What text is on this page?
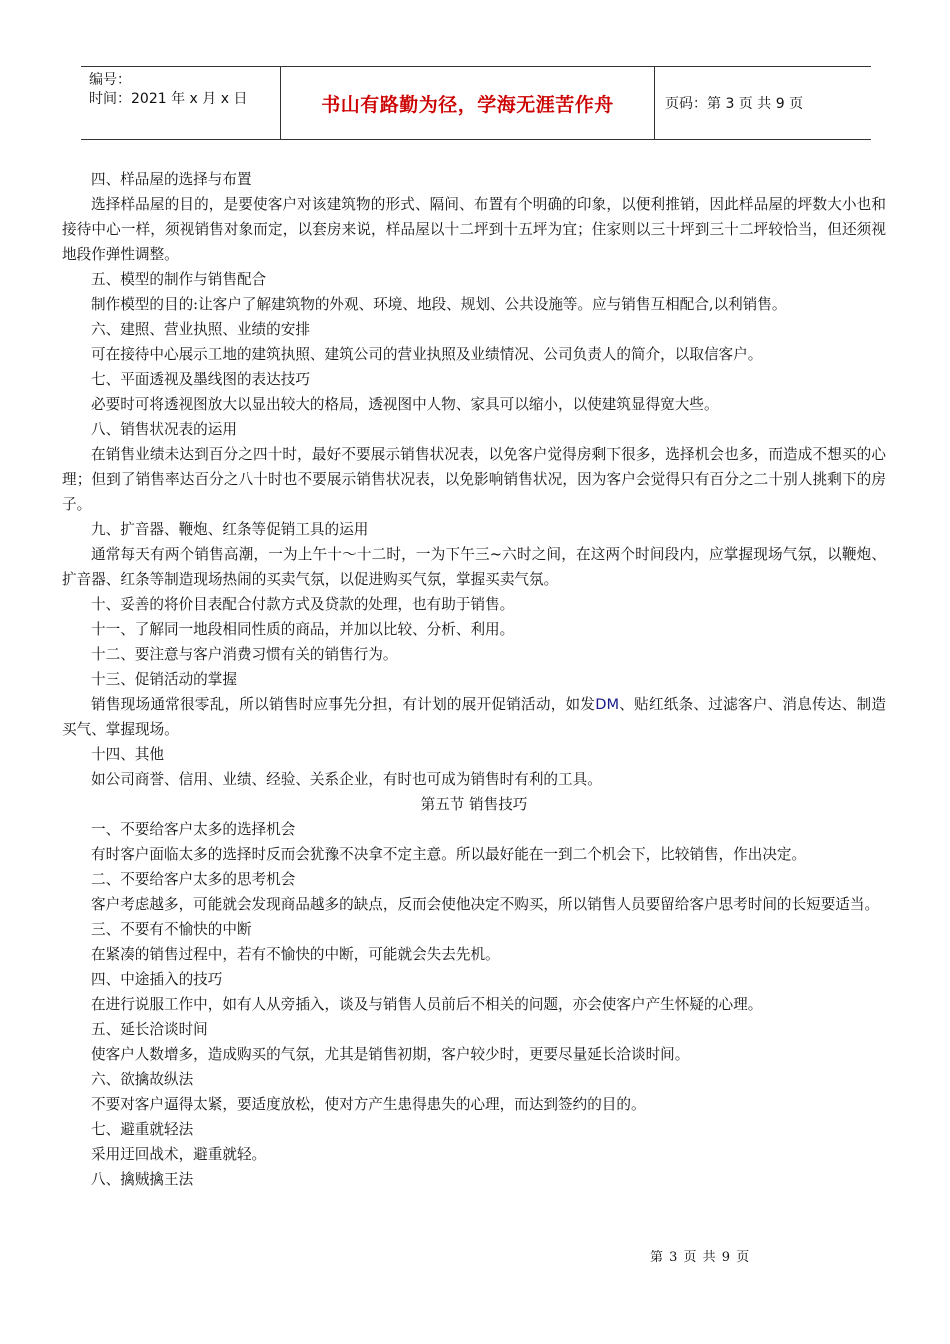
编号：
时间：2021 年 x 月 x 日	书山有路勤为径，学海无涯苦作舟	页码：第 3 页 共 9 页

四、样品屋的选择与布置

选择样品屋的目的，是要使客户对该建筑物的形式、隔间、布置有个明确的印象，以便利推销，因此样品屋的坪数大小也和接待中心一样，须视销售对象而定，以套房来说，样品屋以十二坪到十五坪为宜；住家则以三十坪到三十二坪较恰当，但还须视地段作弹性调整。

五、模型的制作与销售配合

制作模型的目的:让客户了解建筑物的外观、环境、地段、规划、公共设施等。应与销售互相配合,以利销售。

六、建照、营业执照、业绩的安排

可在接待中心展示工地的建筑执照、建筑公司的营业执照及业绩情况、公司负责人的简介，以取信客户。

七、平面透视及墨线图的表达技巧

必要时可将透视图放大以显出较大的格局，透视图中人物、家具可以缩小，以使建筑显得宽大些。

八、销售状况表的运用

在销售业绩未达到百分之四十时，最好不要展示销售状况表，以免客户觉得房剩下很多，选择机会也多，而造成不想买的心理；但到了销售率达百分之八十时也不要展示销售状况表，以免影响销售状况，因为客户会觉得只有百分之二十别人挑剩下的房子。

九、扩音器、鞭炮、红条等促销工具的运用

通常每天有两个销售高潮，一为上午十～十二时，一为下午三~六时之间，在这两个时间段内，应掌握现场气氛，以鞭炮、扩音器、红条等制造现场热闹的买卖气氛，以促进购买气氛，掌握买卖气氛。

十、妥善的将价目表配合付款方式及贷款的处理，也有助于销售。

十一、了解同一地段相同性质的商品，并加以比较、分析、利用。

十二、要注意与客户消费习惯有关的销售行为。

十三、促销活动的掌握

销售现场通常很零乱，所以销售时应事先分担，有计划的展开促销活动，如发DM、贴红纸条、过滤客户、消息传达、制造买气、掌握现场。

十四、其他

如公司商誉、信用、业绩、经验、关系企业，有时也可成为销售时有利的工具。

第五节 销售技巧

一、不要给客户太多的选择机会

有时客户面临太多的选择时反而会犹豫不决拿不定主意。所以最好能在一到二个机会下，比较销售，作出决定。

二、不要给客户太多的思考机会

客户考虑越多，可能就会发现商品越多的缺点，反而会使他决定不购买，所以销售人员要留给客户思考时间的长短要适当。

三、不要有不愉快的中断

在紧凑的销售过程中，若有不愉快的中断，可能就会失去先机。

四、中途插入的技巧

在进行说服工作中，如有人从旁插入，谈及与销售人员前后不相关的问题，亦会使客户产生怀疑的心理。

五、延长洽谈时间

使客户人数增多，造成购买的气氛，尤其是销售初期，客户较少时，更要尽量延长洽谈时间。

六、欲擒故纵法

不要对客户逼得太紧，要适度放松，使对方产生患得患失的心理，而达到签约的目的。

七、避重就轻法

采用迂回战术，避重就轻。

八、擒贼擒王法

第 3 页 共 9 页
